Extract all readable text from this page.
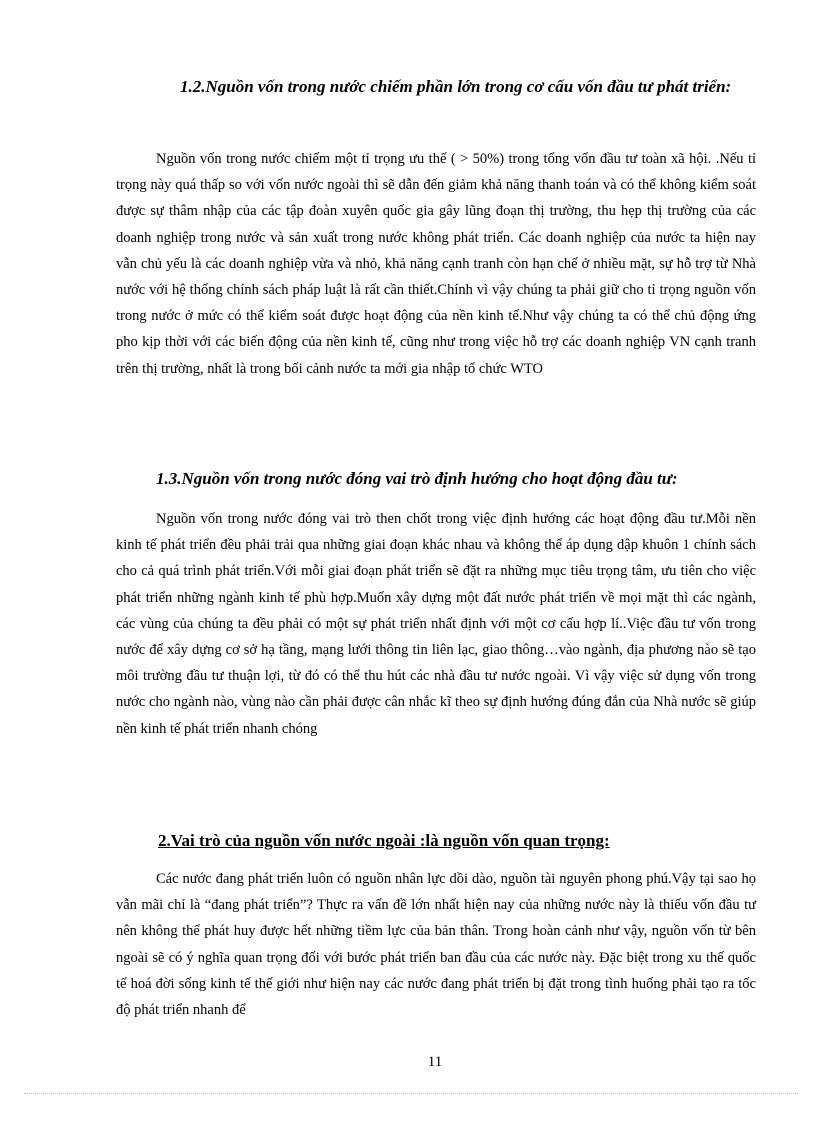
1.2.Nguồn vốn trong nước chiếm phần lớn trong cơ cấu vốn đầu tư phát triển:

Nguồn vốn trong nước chiếm một tỉ trọng ưu thế ( > 50%) trong tổng vốn đầu tư toàn xã hội. .Nếu tỉ trọng này quá thấp so với vốn nước ngoài thì sẽ dẫn đến giảm khả năng thanh toán và có thể không kiểm soát được sự thâm nhập của các tập đoàn xuyên quốc gia gây lũng đoạn thị trường, thu hẹp thị trường của các doanh nghiệp trong nước và sản xuất trong nước không phát triển. Các doanh nghiệp của nước ta hiện nay vẫn chủ yếu là các doanh nghiệp vừa và nhỏ, khả năng cạnh tranh còn hạn chế ở nhiều mặt, sự hỗ trợ từ Nhà nước với hệ thống chính sách pháp luật là rất cần thiết.Chính vì vậy chúng ta phải giữ cho tỉ trọng nguồn vốn trong nước ở mức có thể kiểm soát được hoạt động của nền kinh tế.Như vậy chúng ta có thể chủ động ứng pho kịp thời với các biến động của nền kinh tế, cũng như trong việc hỗ trợ các doanh nghiệp VN cạnh tranh trên thị trường, nhất là trong bối cảnh nước ta mới gia nhập tổ chức WTO

1.3.Nguồn vốn trong nước đóng vai trò định hướng cho hoạt động đầu tư:

Nguồn vốn trong nước đóng vai trò then chốt trong việc định hướng các hoạt động đầu tư.Mỗi nền kinh tế phát triển đều phải trải qua những giai đoạn khác nhau và không thể áp dụng dập khuôn 1 chính sách cho cả quá trình phát triển.Với mỗi giai đoạn phát triển sẽ đặt ra những mục tiêu trọng tâm, ưu tiên cho việc phát triển những ngành kinh tế phù hợp.Muốn xây dựng một đất nước phát triển về mọi mặt thì các ngành, các vùng của chúng ta đều phải có một sự phát triển nhất định với một cơ cấu hợp lí..Việc đầu tư vốn trong nước để xây dựng cơ sở hạ tầng, mạng lưới thông tin liên lạc, giao thông…vào ngành, địa phương nào sẽ tạo môi trường đầu tư thuận lợi, từ đó có thể thu hút các nhà đầu tư nước ngoài. Vì vậy việc sử dụng vốn trong nước cho ngành nào, vùng nào cần phải được cân nhắc kĩ theo sự định hướng đúng đắn của Nhà nước sẽ giúp nền kinh tế phát triển nhanh chóng

2.Vai trò của nguồn vốn nước ngoài :là nguồn vốn quan trọng:

Các nước đang phát triển luôn có nguồn nhân lực dồi dào, nguồn tài nguyên phong phú.Vậy tại sao họ vẫn mãi chỉ là “đang phát triển”? Thực ra vấn đề lớn nhất hiện nay của những nước này là thiếu vốn đầu tư nên không thể phát huy được hết những tiềm lực của bản thân. Trong hoàn cảnh như vậy, nguồn vốn từ bên ngoài sẽ có ý nghĩa quan trọng đối với bước phát triển ban đầu của các nước này. Đặc biệt trong xu thế quốc tế hoá đời sống kinh tế thế giới như hiện nay các nước đang phát triển bị đặt trong tình huống phải tạo ra tốc độ phát triển nhanh để

11
